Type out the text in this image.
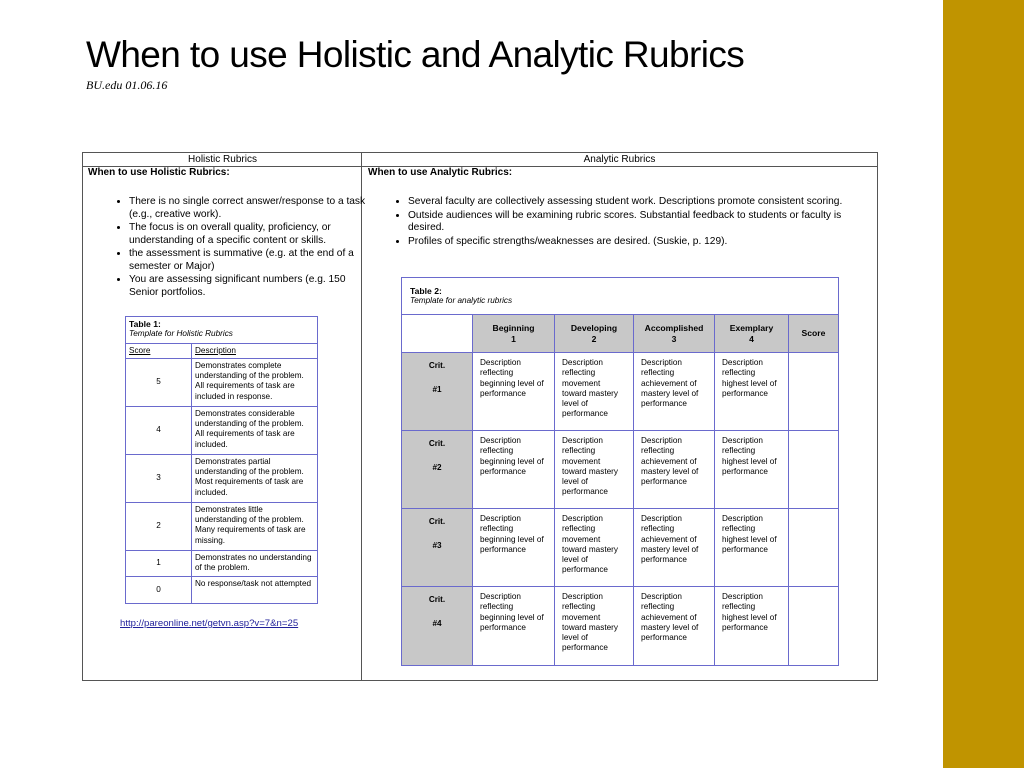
When to use Holistic and Analytic Rubrics
BU.edu 01.06.16
Holistic Rubrics	Analytic Rubrics
When to use Holistic Rubrics:
• There is no single correct answer/response to a task (e.g., creative work).
• The focus is on overall quality, proficiency, or understanding of a specific content or skills.
• the assessment is summative (e.g. at the end of a semester or Major)
• You are assessing significant numbers (e.g. 150 Senior portfolios.
Table 1:
Template for Holistic Rubrics
Score	Description
5
Demonstrates complete understanding of the problem. All requirements of task are included in response.
4
Demonstrates considerable understanding of the problem. All requirements of task are included.
3
Demonstrates partial understanding of the problem. Most requirements of task are included.
2
Demonstrates little understanding of the problem. Many requirements of task are missing.
1
Demonstrates no understanding of the problem.
0
No response/task not attempted
http://pareonline.net/getvn.asp?v=7&n=25
When to use Analytic Rubrics:
• Several faculty are collectively assessing student work. Descriptions promote consistent scoring.
• Outside audiences will be examining rubric scores. Substantial feedback to students or faculty is desired.
• Profiles of specific strengths/weaknesses are desired. (Suskie, p. 129).
Table 2:
Template for analytic rubrics
Beginning
1
Developing
2
Accomplished
3
Exemplary
4
Score
Crit.
#1
Description reflecting beginning level of performance
Description reflecting movement toward mastery level of performance
Description reflecting achievement of mastery level of performance
Description reflecting highest level of performance
Crit.
#2
Description reflecting beginning level of performance
Description reflecting movement toward mastery level of performance
Description reflecting achievement of mastery level of performance
Description reflecting highest level of performance
Crit.
#3
Description reflecting beginning level of performance
Description reflecting movement toward mastery level of performance
Description reflecting achievement of mastery level of performance
Description reflecting highest level of performance
Crit.
#4
Description reflecting beginning level of performance
Description reflecting movement toward mastery level of performance
Description reflecting achievement of mastery level of performance
Description reflecting highest level of performance
